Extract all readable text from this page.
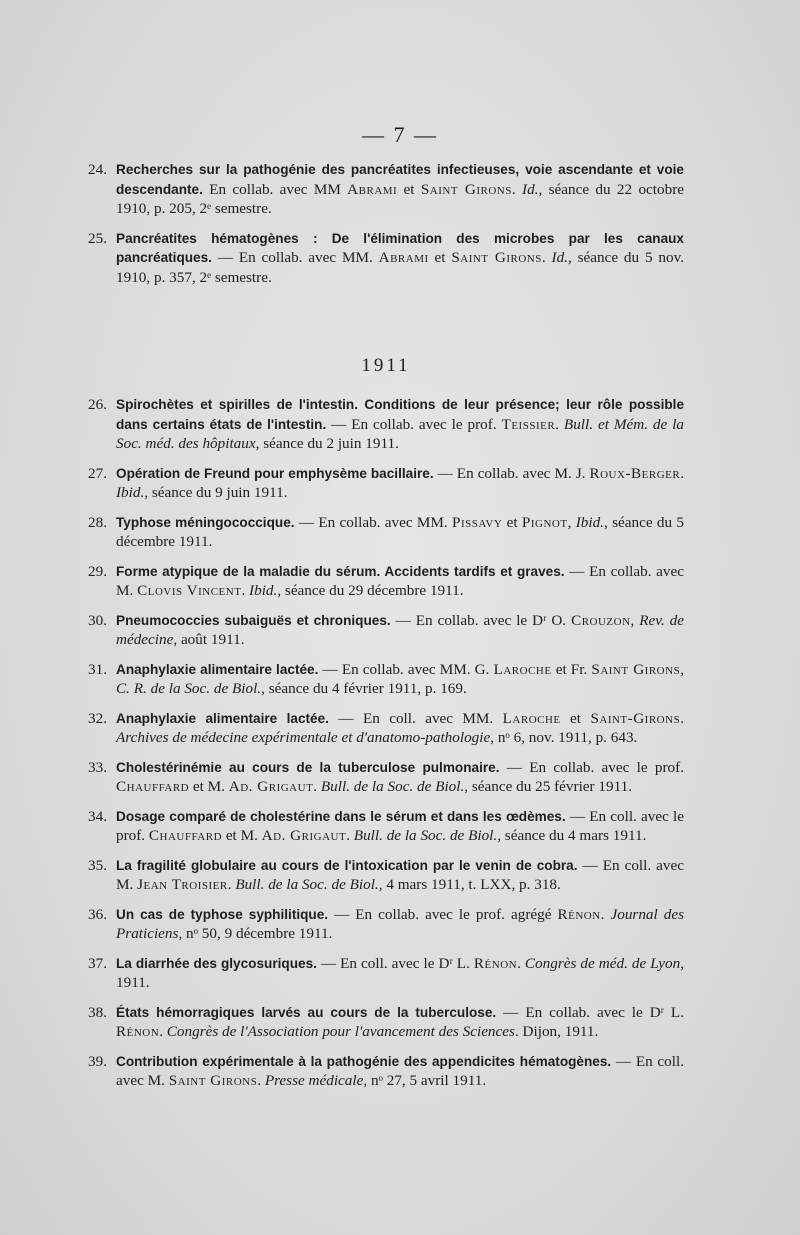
— 7 —
24. Recherches sur la pathogénie des pancréatites infectieuses, voie ascendante et voie descendante. En collab. avec MM Abrami et Saint Girons. Id., séance du 22 octobre 1910, p. 205, 2ᵉ semestre.
25. Pancréatites hématogènes : De l'élimination des microbes par les canaux pancréatiques. — En collab. avec MM. Abrami et Saint Girons. Id., séance du 5 nov. 1910, p. 357, 2ᵉ semestre.
1911
26. Spirochètes et spirilles de l'intestin. Conditions de leur présence; leur rôle possible dans certains états de l'intestin. — En collab. avec le prof. Teissier. Bull. et Mém. de la Soc. méd. des hôpitaux, séance du 2 juin 1911.
27. Opération de Freund pour emphysème bacillaire. — En collab. avec M. J. Roux-Berger. Ibid., séance du 9 juin 1911.
28. Typhose méningococcique. — En collab. avec MM. Pissavy et Pignot, Ibid., séance du 5 décembre 1911.
29. Forme atypique de la maladie du sérum. Accidents tardifs et graves. — En collab. avec M. Clovis Vincent. Ibid., séance du 29 décembre 1911.
30. Pneumococcies subaiguës et chroniques. — En collab. avec le Dʳ O. Crouzon, Rev. de médecine, août 1911.
31. Anaphylaxie alimentaire lactée. — En collab. avec MM. G. Laroche et Fr. Saint Girons, C. R. de la Soc. de Biol., séance du 4 février 1911, p. 169.
32. Anaphylaxie alimentaire lactée. — En coll. avec MM. Laroche et Saint-Girons. Archives de médecine expérimentale et d'anatomo-pathologie, nᵒ 6, nov. 1911, p. 643.
33. Cholestérinémie au cours de la tuberculose pulmonaire. — En collab. avec le prof. Chauffard et M. Ad. Grigaut. Bull. de la Soc. de Biol., séance du 25 février 1911.
34. Dosage comparé de cholestérine dans le sérum et dans les œdèmes. — En coll. avec le prof. Chauffard et M. Ad. Grigaut. Bull. de la Soc. de Biol., séance du 4 mars 1911.
35. La fragilité globulaire au cours de l'intoxication par le venin de cobra. — En coll. avec M. Jean Troisier. Bull. de la Soc. de Biol., 4 mars 1911, t. LXX, p. 318.
36. Un cas de typhose syphilitique. — En collab. avec le prof. agrégé Rénon. Journal des Praticiens, nᵒ 50, 9 décembre 1911.
37. La diarrhée des glycosuriques. — En coll. avec le Dʳ L. Rénon. Congrès de méd. de Lyon, 1911.
38. États hémorragiques larvés au cours de la tuberculose. — En collab. avec le Dʳ L. Rénon. Congrès de l'Association pour l'avancement des Sciences. Dijon, 1911.
39. Contribution expérimentale à la pathogénie des appendicites hématogènes. — En coll. avec M. Saint Girons. Presse médicale, nᵒ 27, 5 avril 1911.
